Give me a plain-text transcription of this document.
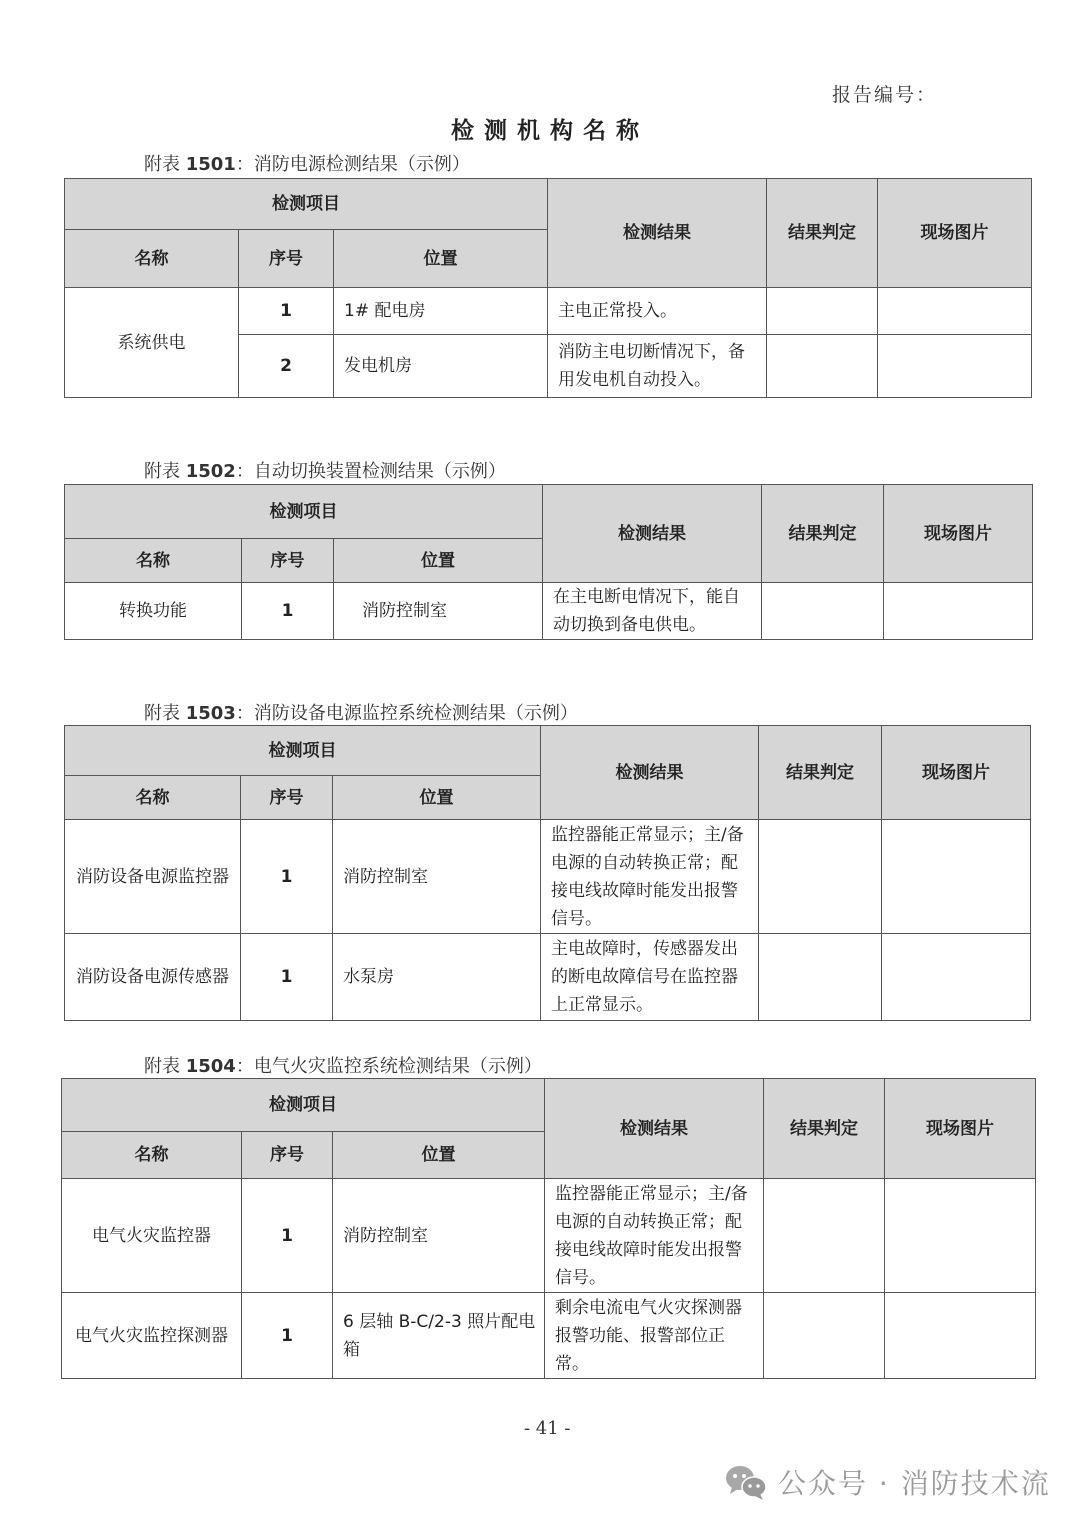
报告编号：
检测机构名称
附表 1501：消防电源检测结果（示例）
检测项目			检测结果	结果判定	现场图片
名称	序号	位置			
系统供电	1	1# 配电房	主电正常投入。		
	2	发电机房	消防主电切断情况下，备用发电机自动投入。		
附表 1502：自动切换装置检测结果（示例）
检测项目			检测结果	结果判定	现场图片
名称	序号	位置			
转换功能	1	消防控制室	在主电断电情况下，能自动切换到备电供电。		
附表 1503：消防设备电源监控系统检测结果（示例）
检测项目			检测结果	结果判定	现场图片
名称	序号	位置			
消防设备电源监控器	1	消防控制室	监控器能正常显示；主/备电源的自动转换正常；配接电线故障时能发出报警信号。		
消防设备电源传感器	1	水泵房	主电故障时，传感器发出的断电故障信号在监控器上正常显示。		
附表 1504：电气火灾监控系统检测结果（示例）
检测项目			检测结果	结果判定	现场图片
名称	序号	位置			
电气火灾监控器	1	消防控制室	监控器能正常显示；主/备电源的自动转换正常；配接电线故障时能发出报警信号。		
电气火灾监控探测器	1	6 层轴 B-C/2-3 照片配电箱	剩余电流电气火灾探测器报警功能、报警部位正常。		
- 41 -
公众号 · 消防技术流
